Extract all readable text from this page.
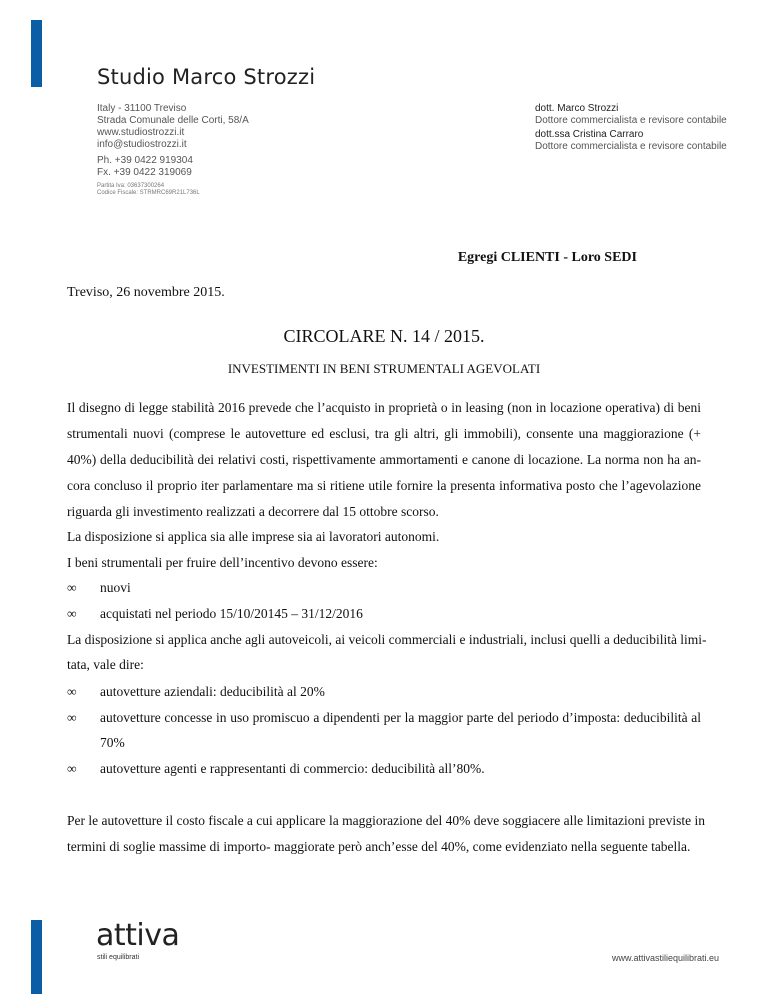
Studio Marco Strozzi
Italy - 31100 Treviso
Strada Comunale delle Corti, 58/A
www.studiostrozzi.it
info@studiostrozzi.it
Ph. +39 0422 919304
Fx. +39 0422 319069
Partita Iva: 03637300264
Codice Fiscale: STRMRC69R21L736L
dott. Marco Strozzi
Dottore commercialista e revisore contabile
dott.ssa Cristina Carraro
Dottore commercialista e revisore contabile
Egregi CLIENTI - Loro SEDI
Treviso, 26 novembre 2015.
CIRCOLARE N. 14 / 2015.
INVESTIMENTI IN BENI STRUMENTALI AGEVOLATI
Il disegno di legge stabilità 2016 prevede che l’acquisto in proprietà o in leasing (non in locazione operativa) di beni
strumentali nuovi (comprese le autovetture ed esclusi, tra gli altri, gli immobili), consente una maggiorazione (+
40%) della deducibilità dei relativi costi, rispettivamente ammortamenti e canone di locazione. La norma non ha an-
cora concluso il proprio iter parlamentare ma si ritiene utile fornire la presenta informativa posto che l’agevolazione
riguarda gli investimento realizzati a decorrere dal 15 ottobre scorso.
La disposizione si applica sia alle imprese sia ai lavoratori autonomi.
I beni strumentali per fruire dell’incentivo devono essere:
∞ nuovi
∞ acquistati nel periodo 15/10/20145 – 31/12/2016
La disposizione si applica anche agli autoveicoli, ai veicoli commerciali e industriali, inclusi quelli a deducibilità limi-
tata, vale dire:
∞ autovetture aziendali: deducibilità al 20%
∞ autovetture concesse in uso promiscuo a dipendenti per la maggior parte del periodo d’imposta: deducibilità al
70%
∞ autovetture agenti e rappresentanti di commercio: deducibilità all’80%.
Per le autovetture il costo fiscale a cui applicare la maggiorazione del 40% deve soggiacere alle limitazioni previste in
termini di soglie massime di importo- maggiorate però anch’esse del 40%, come evidenziato nella seguente tabella.
attiva
stili equilibrati	www.attivastiliequilibrati.eu
